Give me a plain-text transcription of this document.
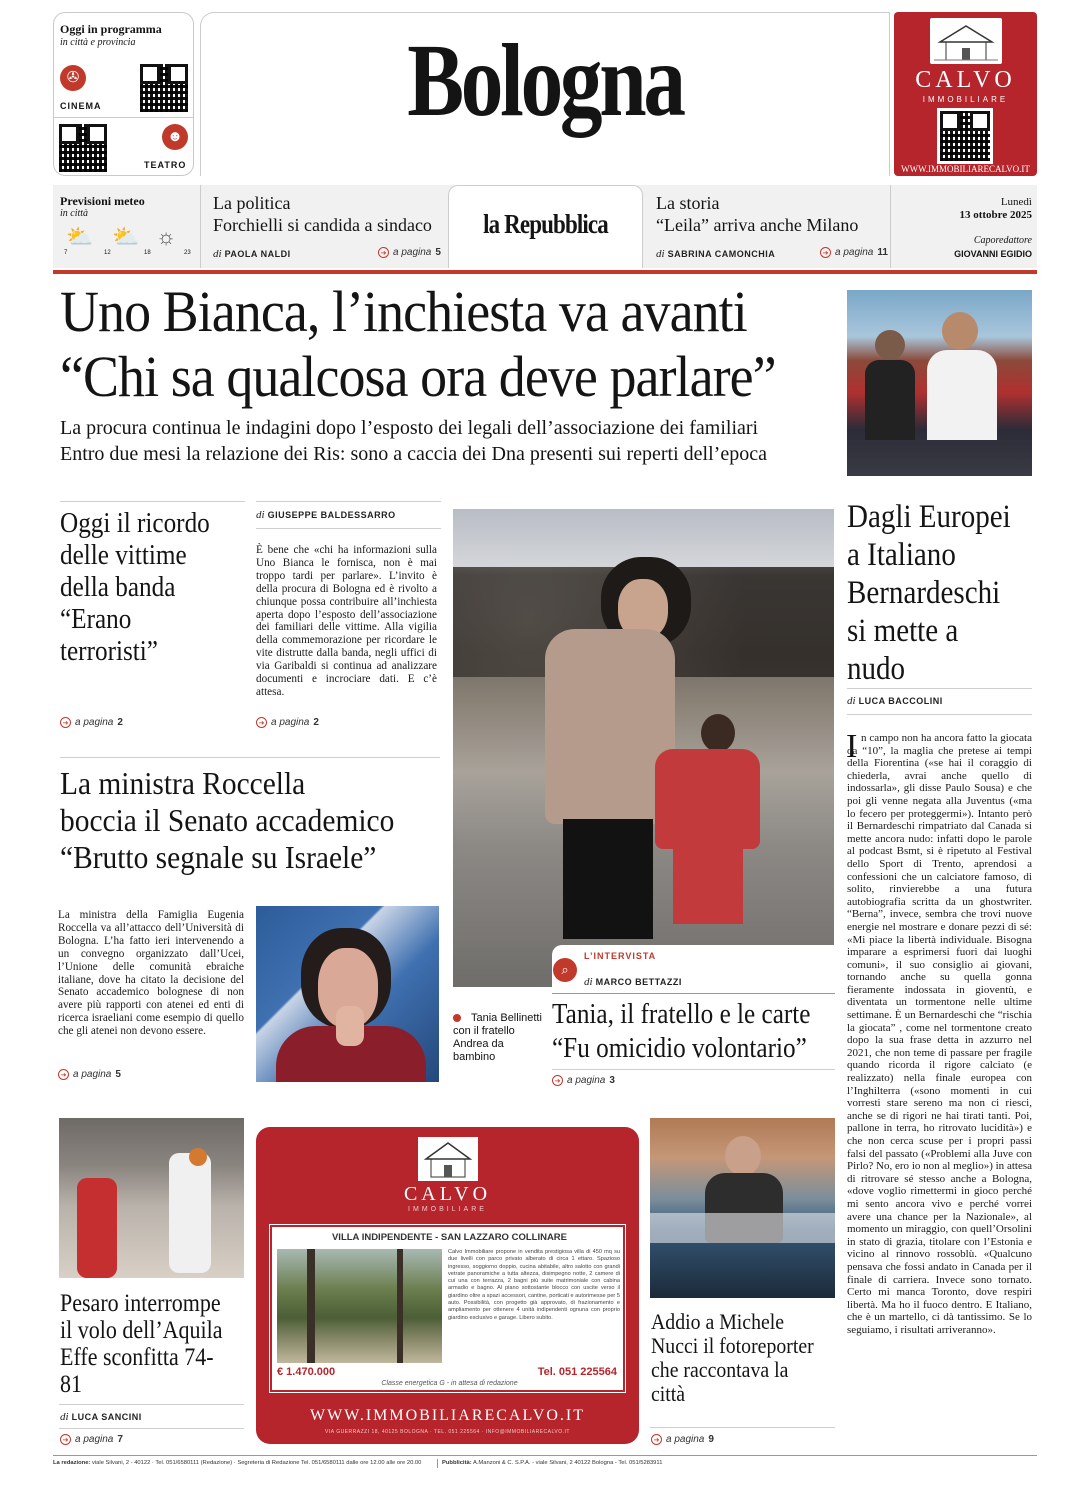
Oggi in programma
in città e provincia
✇
CINEMA
☻
TEATRO
Bologna	CALVO
IMMOBILIARE
WWW.IMMOBILIARECALVO.IT
Previsioni meteo
in città
⛅ ⛅ ☼
7	12	18	23
La politica
Forchielli si candida a sindaco
di PAOLA NALDI	➔ a pagina 5
la Repubblica
La storia
“Leila” arriva anche Milano
di SABRINA CAMONCHIA	➔ a pagina 11
Lunedì
13 ottobre 2025
Caporedattore
GIOVANNI EGIDIO
Uno Bianca, l’inchiesta va avanti
“Chi sa qualcosa ora deve parlare”
La procura continua le indagini dopo l’esposto dei legali dell’associazione dei familiari
Entro due mesi la relazione dei Ris: sono a caccia dei Dna presenti sui reperti dell’epoca
Oggi il ricordo delle vittime della banda “Erano terroristi”
➔ a pagina 2
di GIUSEPPE BALDESSARRO
È bene che «chi ha informazioni sulla Uno Bianca le fornisca, non è mai troppo tardi per parlare». L’invito è della procura di Bologna ed è rivolto a chiunque possa contribuire all’inchiesta aperta dopo l’esposto dell’associazione dei familiari delle vittime. Alla vigilia della commemorazione per ricordare le vite distrutte dalla banda, negli uffici di via Garibaldi si continua ad analizzare documenti e incrociare dati. E c’è attesa.
➔ a pagina 2
Tania Bellinetti con il fratello Andrea da bambino
⌕
L’INTERVISTA
di MARCO BETTAZZI
Tania, il fratello e le carte
“Fu omicidio volontario”
➔ a pagina 3
La ministra Roccella
boccia il Senato accademico
“Brutto segnale su Israele”
La ministra della Famiglia Eugenia Roccella va all’attacco dell’Università di Bologna. L’ha fatto ieri intervenendo a un convegno organizzato dall’Ucei, l’Unione delle comunità ebraiche italiane, dove ha citato la decisione del Senato accademico bolognese di non avere più rapporti con atenei ed enti di ricerca israeliani come esempio di quello che gli atenei non devono essere.
➔ a pagina 5
Dagli Europei a Italiano Bernardeschi si mette a nudo
di LUCA BACCOLINI
I n campo non ha ancora fatto la giocata da “10”, la maglia che pretese ai tempi della Fiorentina («se hai il coraggio di chiederla, avrai anche quello di indossarla», gli disse Paulo Sousa) e che poi gli venne negata alla Juventus («ma lo fecero per proteggermi»). Intanto però il Bernardeschi rimpatriato dal Canada si mette ancora nudo: infatti dopo le parole al podcast Bsmt, si è ripetuto al Festival dello Sport di Trento, aprendosi a confessioni che un calciatore famoso, di solito, rinvierebbe a una futura autobiografia scritta da un ghostwriter. “Berna”, invece, sembra che trovi nuove energie nel mostrare e donare pezzi di sé: «Mi piace la libertà individuale. Bisogna imparare a esprimersi fuori dai luoghi comuni», il suo consiglio ai giovani, tornando anche su quella gonna fieramente indossata in gioventù, e diventata un tormentone nelle ultime settimane. È un Bernardeschi che “rischia la giocata” , come nel tormentone creato dopo la sua frase detta in azzurro nel 2021, che non teme di passare per fragile quando ricorda il rigore calciato (e realizzato) nella finale europea con l’Inghilterra («sono momenti in cui vorresti stare sereno ma non ci riesci, anche se di rigori ne hai tirati tanti. Poi, pallone in terra, ho ritrovato lucidità») e che non cerca scuse per i propri passi falsi del passato («Problemi alla Juve con Pirlo? No, ero io non al meglio») in attesa di ritrovare sé stesso anche a Bologna, «dove voglio rimettermi in gioco perché mi sento ancora vivo e perché vorrei avere una chance per la Nazionale», al momento un miraggio, con quell’Orsolini in stato di grazia, titolare con l’Estonia e vicino al rinnovo rossoblù. «Qualcuno pensava che fossi andato in Canada per il finale di carriera. Invece sono tornato. Certo mi manca Toronto, dove respiri libertà. Ma ho il fuoco dentro. E Italiano, che è un martello, ci dà tantissimo. Se lo seguiamo, i risultati arriveranno».
Pesaro interrompe il volo dell’Aquila Effe sconfitta 74-81
di LUCA SANCINI
➔ a pagina 7
CALVO
IMMOBILIARE
VILLA INDIPENDENTE - SAN LAZZARO COLLINARE
Calvo Immobiliare propone in vendita prestigiosa villa di 450 mq su due livelli con parco privato alberato di circa 1 ettaro. Spazioso ingresso, soggiorno doppio, cucina abitabile, altro salotto con grandi vetrate panoramiche a tutta altezza, disimpegno notte, 2 camere di cui una con terrazza, 2 bagni più suite matrimoniale con cabina armadio e bagno. Al piano sottostante blocco con uscite verso il giardino oltre a spazi accessori, cantine, porticati e autorimesse per 5 auto. Possibilità, con progetto già approvato, di frazionamento e ampliamento per ottenere 4 unità indipendenti ognuna con proprio giardino esclusivo e garage. Libero subito.
€ 1.470.000	Tel. 051 225564
Classe energetica G - in attesa di redazione
WWW.IMMOBILIARECALVO.IT
VIA GUERRAZZI 18, 40125 BOLOGNA · TEL. 051 225564 · INFO@IMMOBILIARECALVO.IT
Addio a Michele Nucci il fotoreporter che raccontava la città
➔ a pagina 9
La redazione: viale Silvani, 2 - 40122 · Tel. 051/6580111 (Redazione) · Segreteria di Redazione Tel. 051/6580111 dalle ore 12.00 alle ore 20.00	Pubblicità: A.Manzoni & C. S.P.A. - viale Silvani, 2 40122 Bologna - Tel. 051/5283911
